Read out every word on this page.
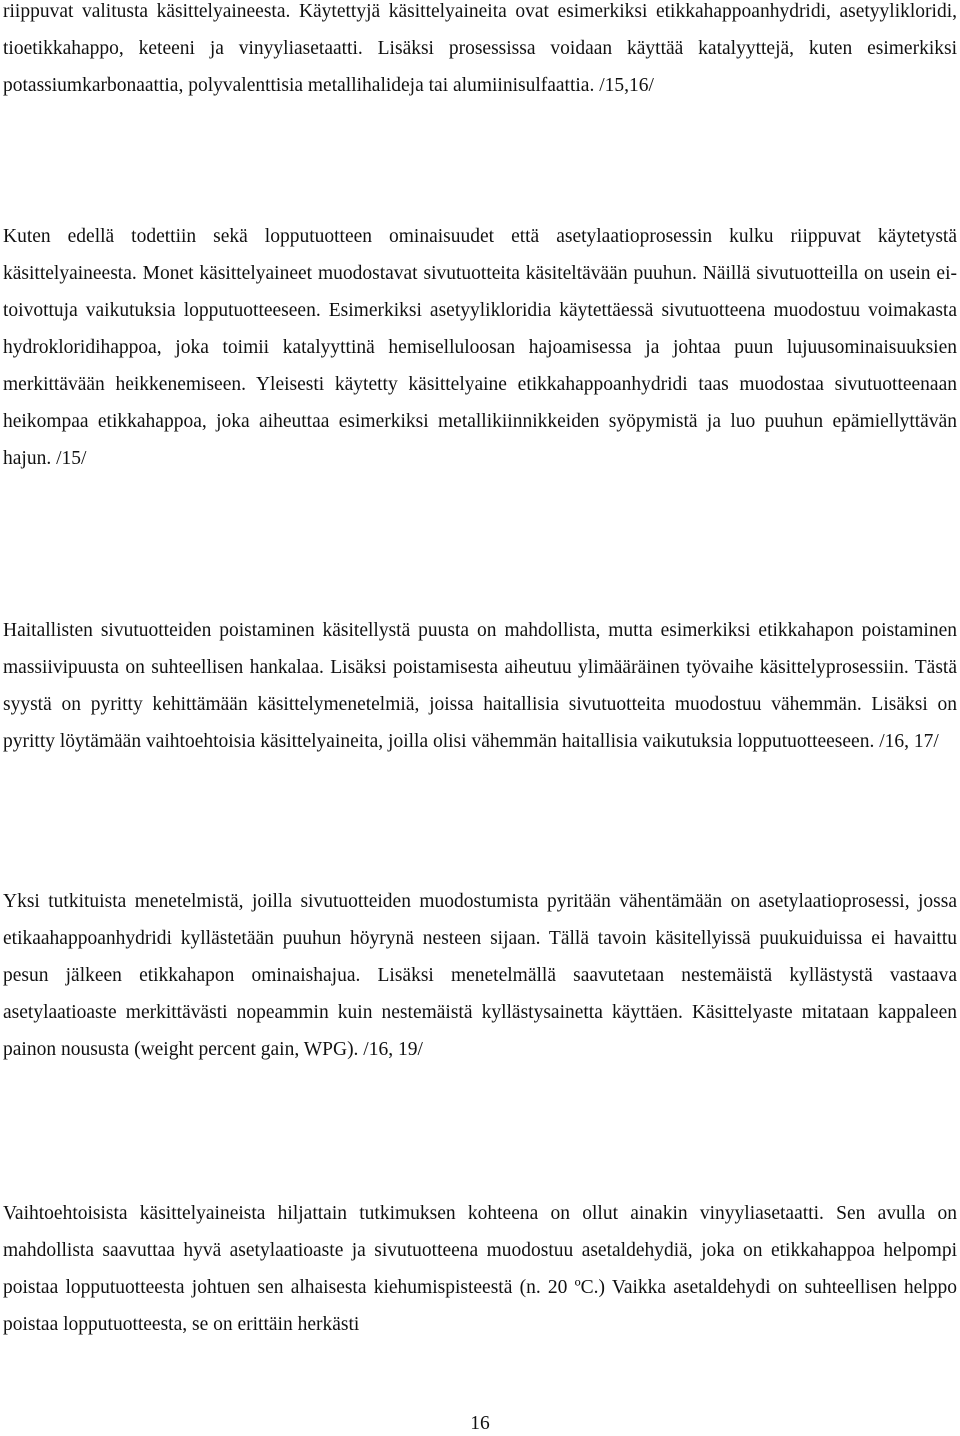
riippuvat valitusta käsittelyaineesta. Käytettyjä käsittelyaineita ovat esimerkiksi etikkahappoanhydridi, asetyylikloridi, tioetikkahappo, keteeni ja vinyyliasetaatti. Lisäksi prosessissa voidaan käyttää katalyyttejä, kuten esimerkiksi potassiumkarbonaattia, polyvalenttisia metallihalideja tai alumiinisulfaattia. /15,16/

Kuten edellä todettiin sekä lopputuotteen ominaisuudet että asetylaatioprosessin kulku riippuvat käytetystä käsittelyaineesta. Monet käsittelyaineet muodostavat sivutuotteita käsiteltävään puuhun. Näillä sivutuotteilla on usein ei-toivottuja vaikutuksia lopputuotteeseen. Esimerkiksi asetyylikloridia käytettäessä sivutuotteena muodostuu voimakasta hydrokloridihappoa, joka toimii katalyyttinä hemiselluloosan hajoamisessa ja johtaa puun lujuusominaisuuksien merkittävään heikkenemiseen. Yleisesti käytetty käsittelyaine etikkahappoanhydridi taas muodostaa sivutuotteenaan heikompaa etikkahappoa, joka aiheuttaa esimerkiksi metallikiinnikkeiden syöpymistä ja luo puuhun epämiellyttävän hajun. /15/

Haitallisten sivutuotteiden poistaminen käsitellystä puusta on mahdollista, mutta esimerkiksi etikkahapon poistaminen massiivipuusta on suhteellisen hankalaa. Lisäksi poistamisesta aiheutuu ylimääräinen työvaihe käsittelyprosessiin. Tästä syystä on pyritty kehittämään käsittelymenetelmiä, joissa haitallisia sivutuotteita muodostuu vähemmän. Lisäksi on pyritty löytämään vaihtoehtoisia käsittelyaineita, joilla olisi vähemmän haitallisia vaikutuksia lopputuotteeseen. /16, 17/

Yksi tutkituista menetelmistä, joilla sivutuotteiden muodostumista pyritään vähentämään on asetylaatioprosessi, jossa etikaahappoanhydridi kyllästetään puuhun höyrynä nesteen sijaan. Tällä tavoin käsitellyissä puukuiduissa ei havaittu pesun jälkeen etikkahapon ominaishajua. Lisäksi menetelmällä saavutetaan nestemäistä kyllästystä vastaava asetylaatioaste merkittävästi nopeammin kuin nestemäistä kyllästysainetta käyttäen. Käsittelyaste mitataan kappaleen painon noususta (weight percent gain, WPG). /16, 19/

Vaihtoehtoisista käsittelyaineista hiljattain tutkimuksen kohteena on ollut ainakin vinyyliasetaatti. Sen avulla on mahdollista saavuttaa hyvä asetylaatioaste ja sivutuotteena muodostuu asetaldehydiä, joka on etikkahappoa helpompi poistaa lopputuotteesta johtuen sen alhaisesta kiehumispisteestä (n. 20 ºC.) Vaikka asetaldehydi on suhteellisen helppo poistaa lopputuotteesta, se on erittäin herkästi

16
